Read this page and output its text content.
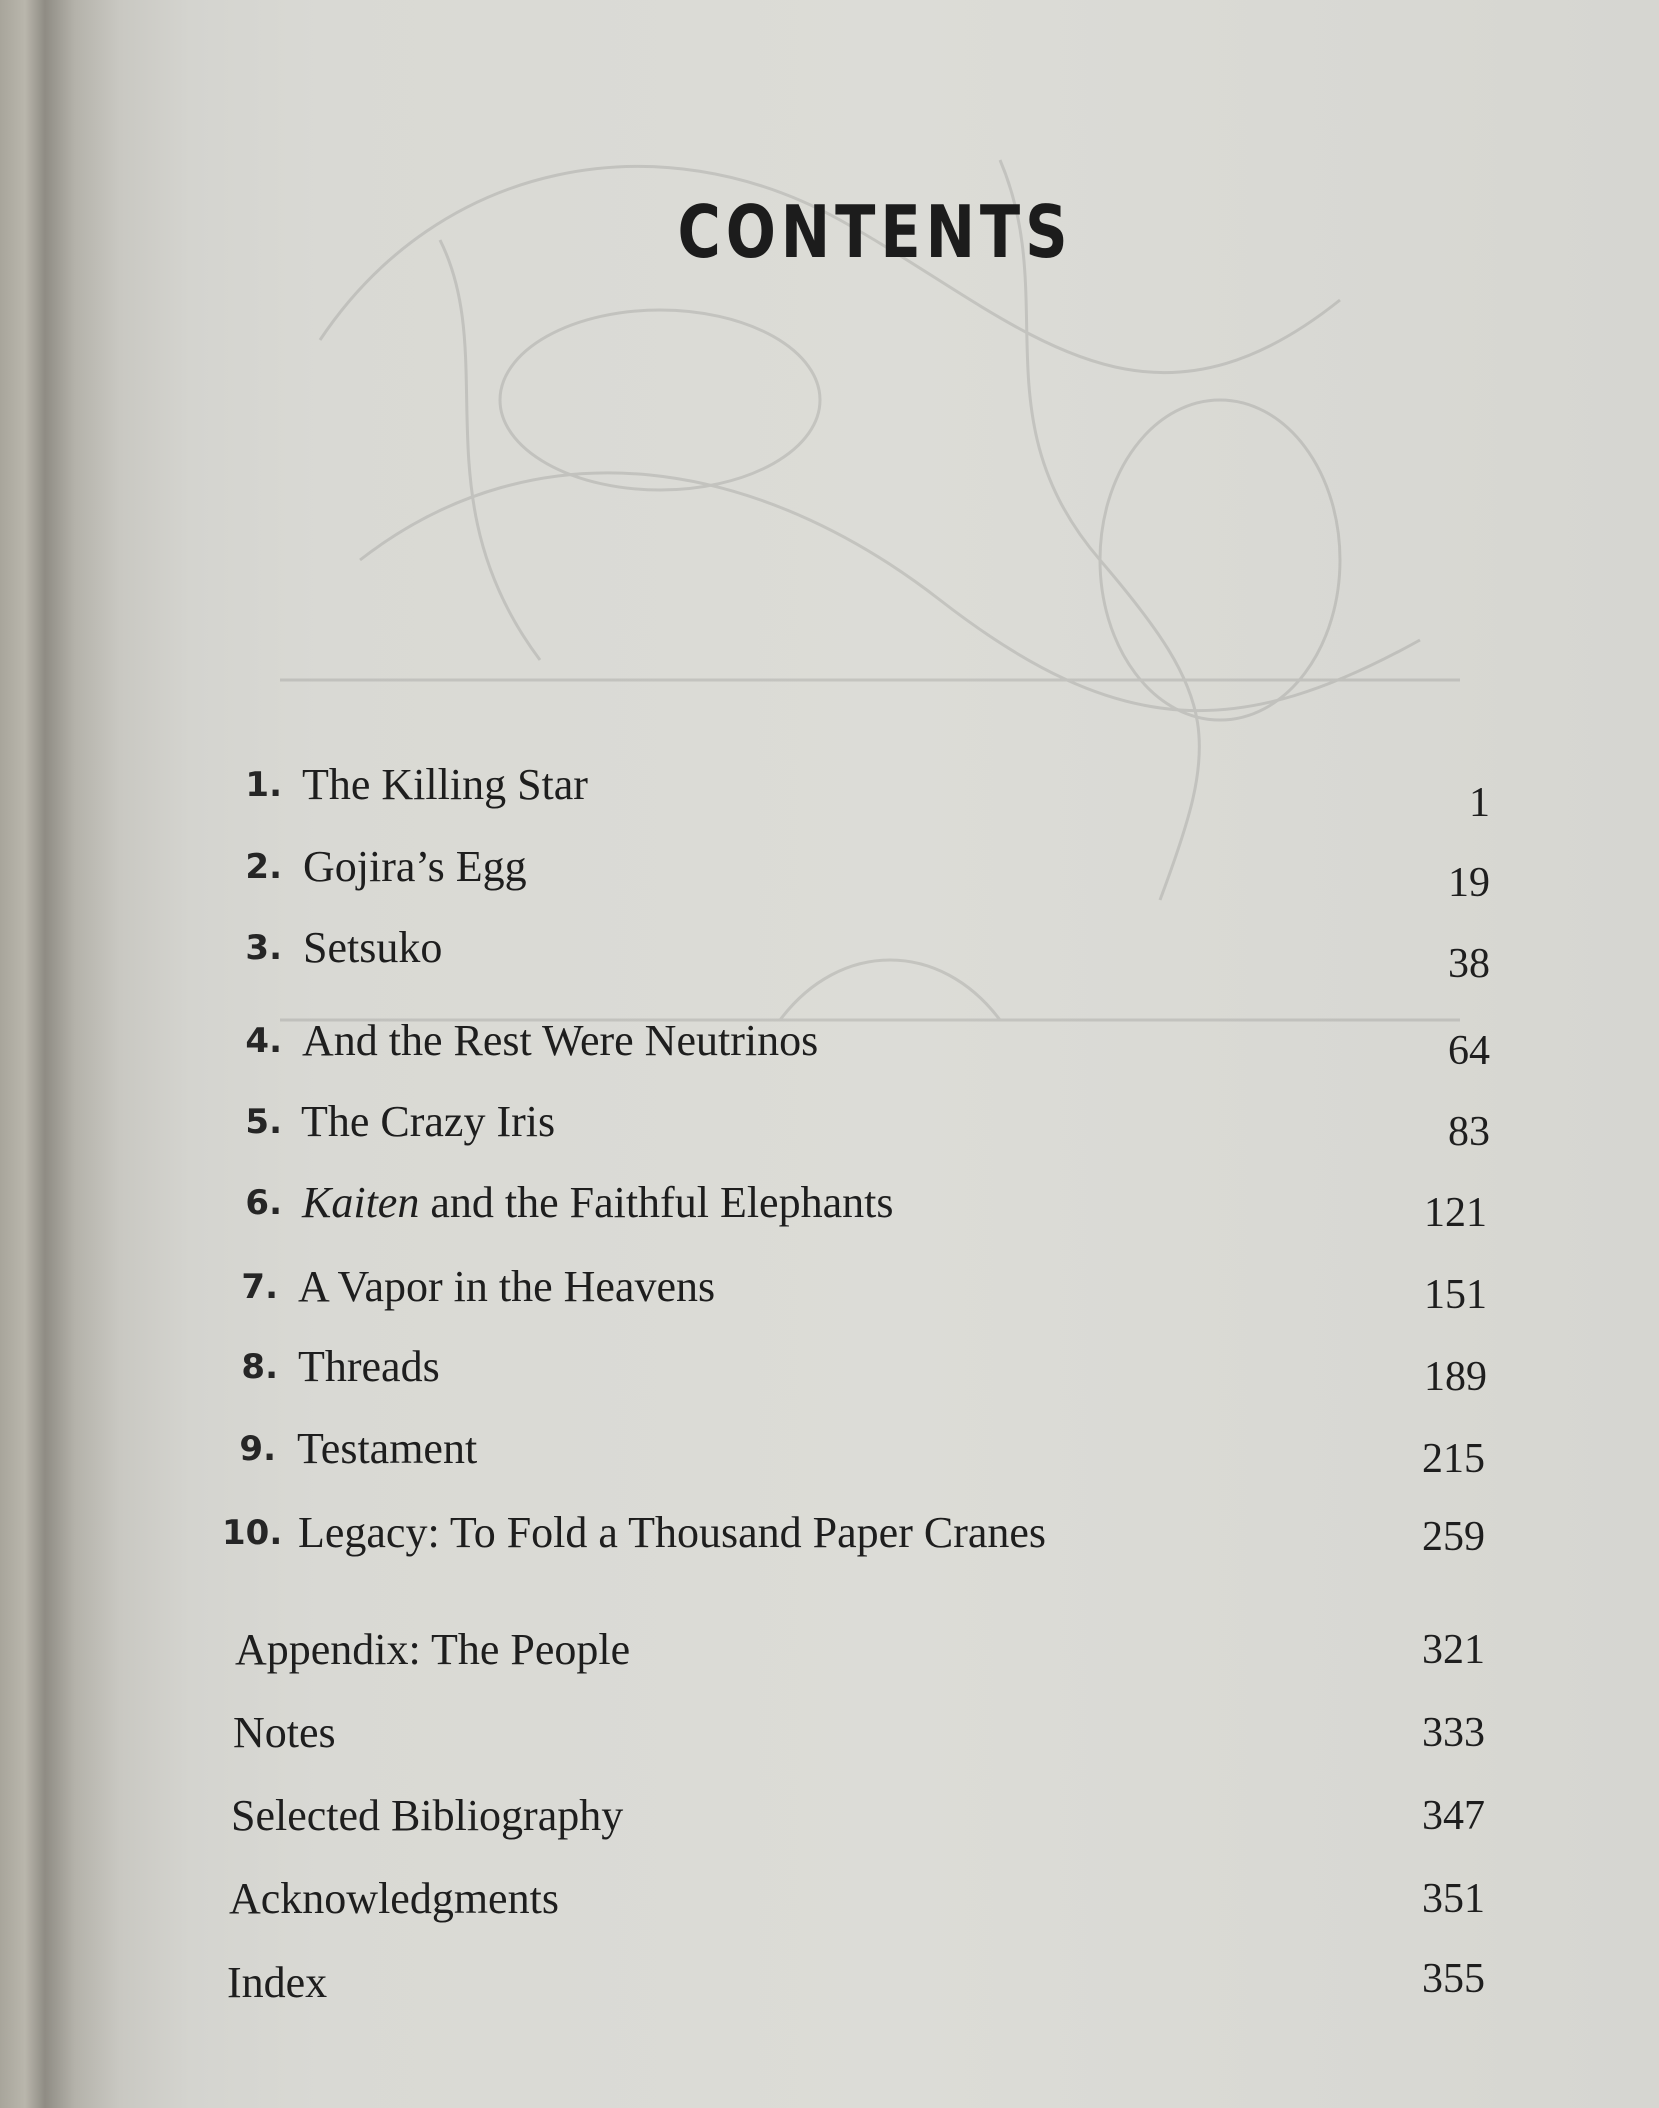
CONTENTS
1. The Killing Star	1
2. Gojira’s Egg	19
3. Setsuko	38
4. And the Rest Were Neutrinos	64
5. The Crazy Iris	83
6. Kaiten and the Faithful Elephants	121
7. A Vapor in the Heavens	151
8. Threads	189
9. Testament	215
10. Legacy: To Fold a Thousand Paper Cranes	259
Appendix: The People	321
Notes	333
Selected Bibliography	347
Acknowledgments	351
Index	355
